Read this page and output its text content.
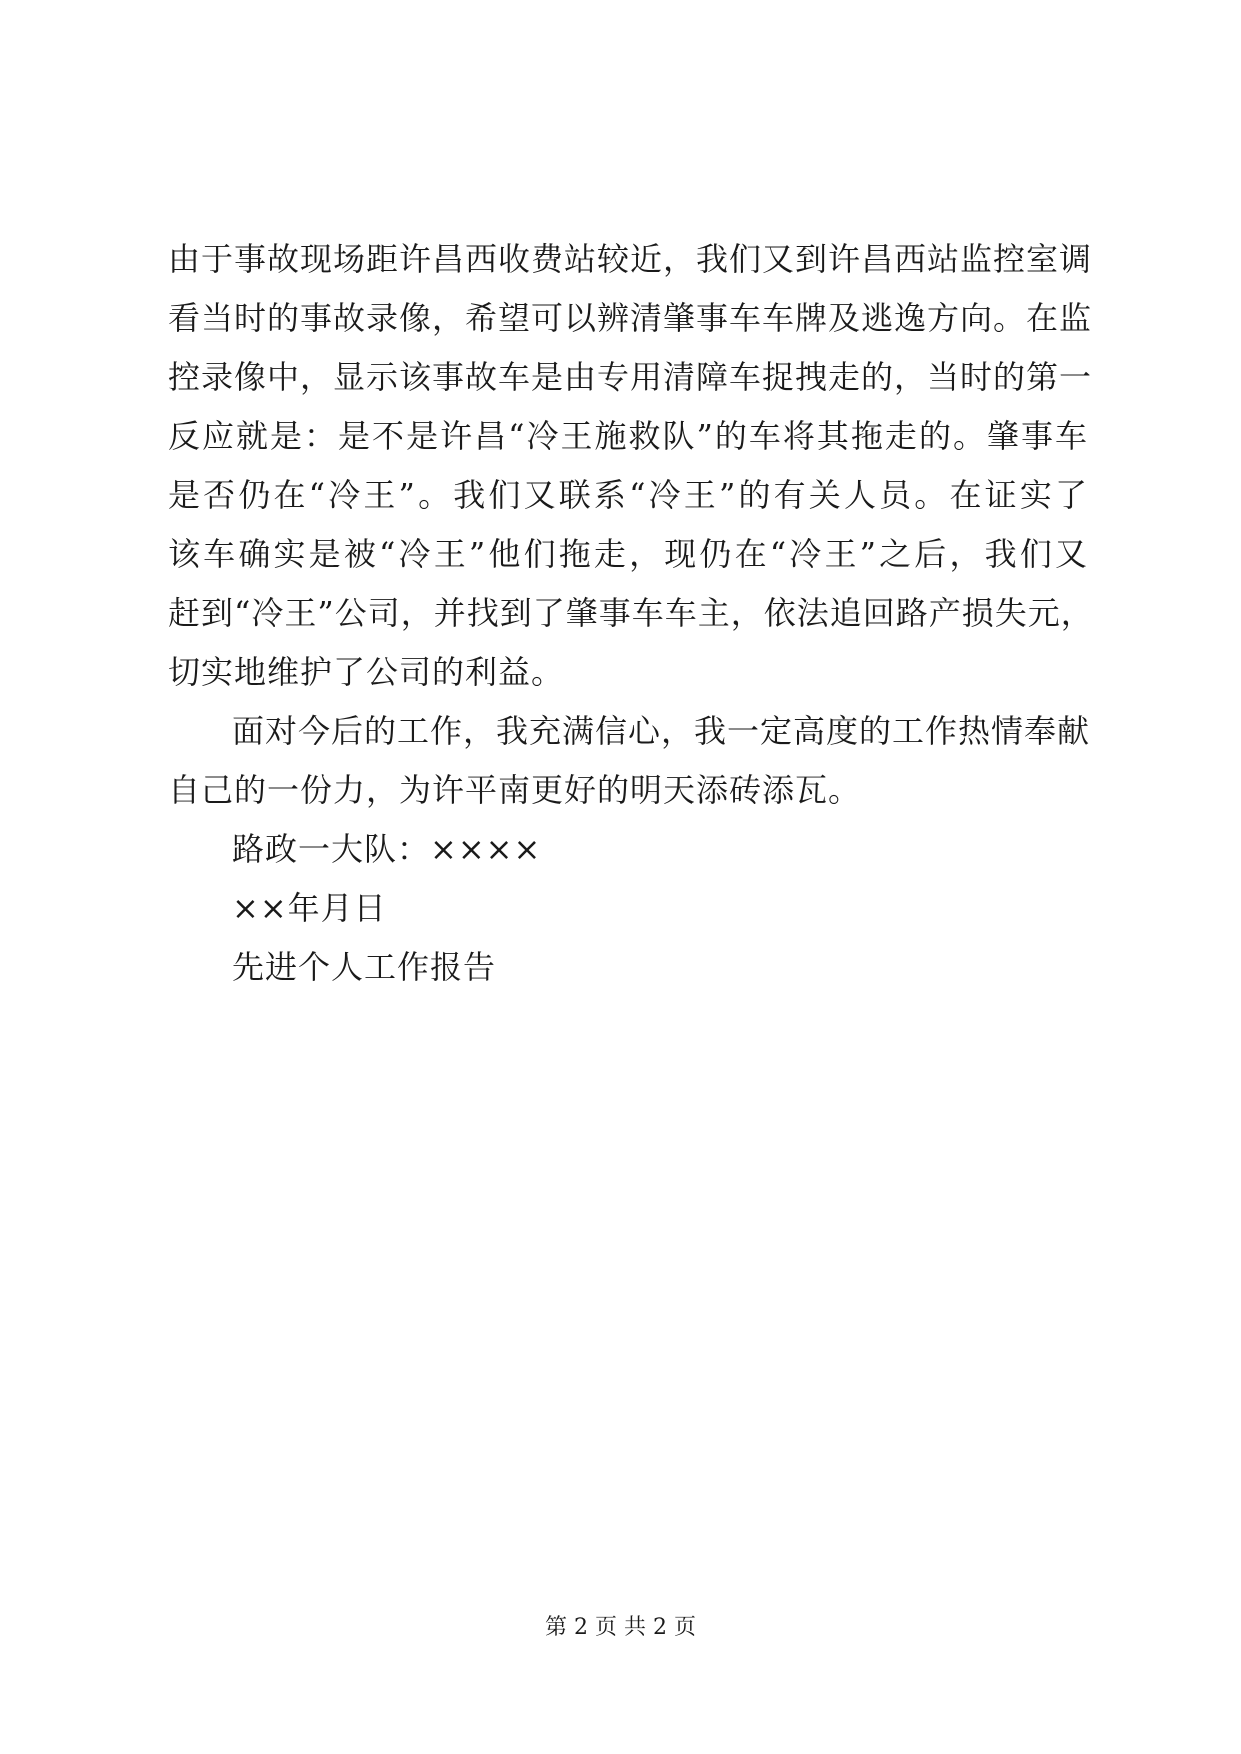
由于事故现场距许昌西收费站较近，我们又到许昌西站监控室调
看当时的事故录像，希望可以辨清肇事车车牌及逃逸方向。在监
控录像中，显示该事故车是由专用清障车捉拽走的，当时的第一
反应就是：是不是许昌“冷王施救队”的车将其拖走的。肇事车
是否仍在“冷王”。我们又联系“冷王”的有关人员。在证实了
该车确实是被“冷王”他们拖走，现仍在“冷王”之后，我们又
赶到“冷王”公司，并找到了肇事车车主，依法追回路产损失元，
切实地维护了公司的利益。
面对今后的工作，我充满信心，我一定高度的工作热情奉献
自己的一份力，为许平南更好的明天添砖添瓦。
路政一大队：××××
××年月日
先进个人工作报告
第 2 页 共 2 页
